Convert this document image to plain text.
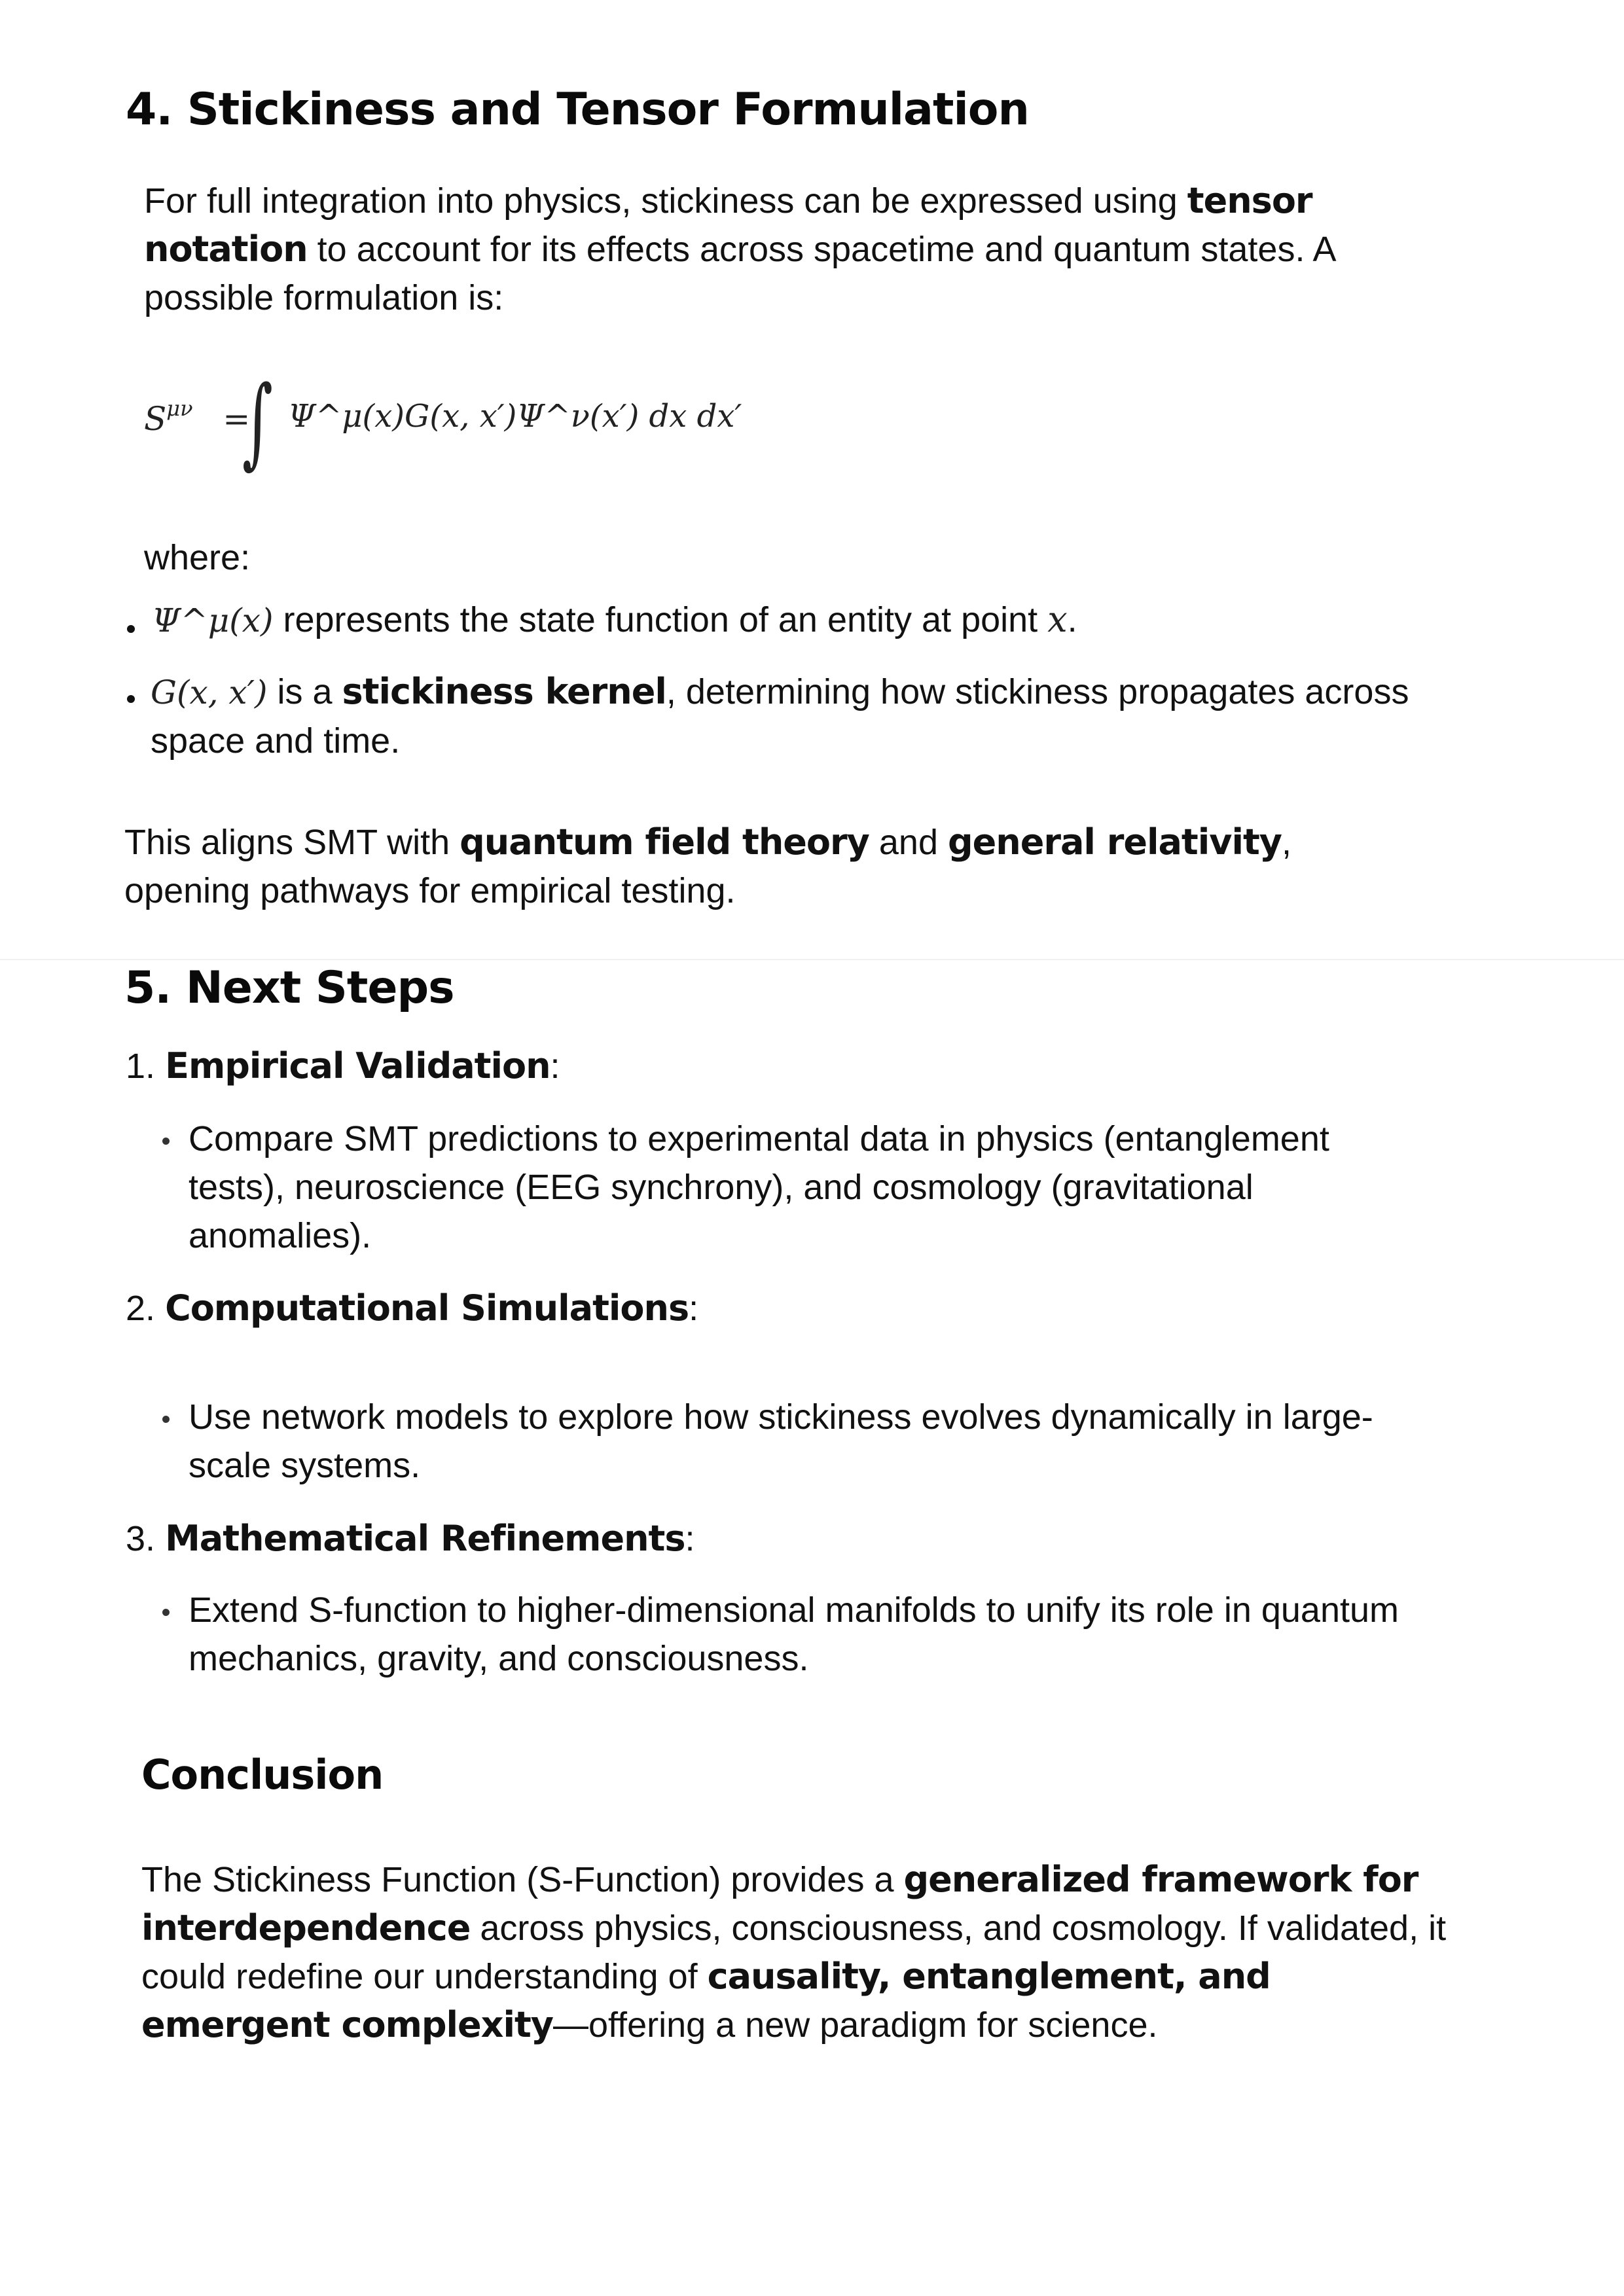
4. Stickiness and Tensor Formulation
For full integration into physics, stickiness can be expressed using tensor notation to account for its effects across spacetime and quantum states. A possible formulation is:
$S^{\mu\nu}$ =
∫ Ψ^μ(x)G(x, x′)Ψ^ν(x′) dx dx′
where:
Ψ^μ(x) represents the state function of an entity at point x.
G(x, x′) is a stickiness kernel, determining how stickiness propagates across space and time.
This aligns SMT with quantum field theory and general relativity, opening pathways for empirical testing.
5. Next Steps
1. Empirical Validation:
Compare SMT predictions to experimental data in physics (entanglement tests), neuroscience (EEG synchrony), and cosmology (gravitational anomalies).
2. Computational Simulations:
Use network models to explore how stickiness evolves dynamically in large-scale systems.
3. Mathematical Refinements:
Extend S-function to higher-dimensional manifolds to unify its role in quantum mechanics, gravity, and consciousness.
Conclusion
The Stickiness Function (S-Function) provides a generalized framework for interdependence across physics, consciousness, and cosmology. If validated, it could redefine our understanding of causality, entanglement, and emergent complexity—offering a new paradigm for science.
